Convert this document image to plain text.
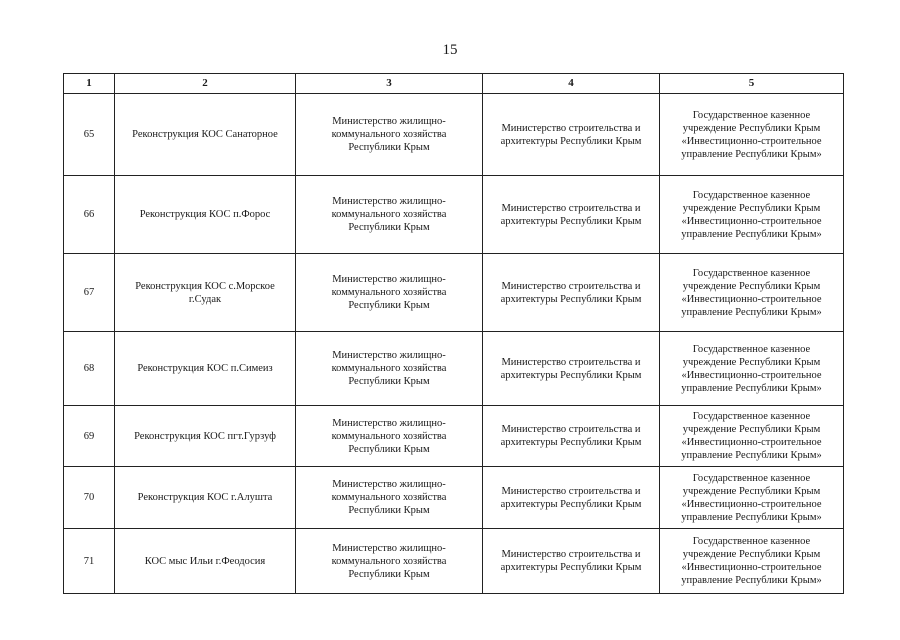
15
1	2	3	4	5
65	Реконструкция КОС Санаторное	Министерство жилищно-
коммунального хозяйства
Республики Крым	Министерство строительства и
архитектуры Республики Крым	Государственное казенное
учреждение Республики Крым
«Инвестиционно-строительное
управление Республики Крым»
66	Реконструкция КОС п.Форос	Министерство жилищно-
коммунального хозяйства
Республики Крым	Министерство строительства и
архитектуры Республики Крым	Государственное казенное
учреждение Республики Крым
«Инвестиционно-строительное
управление Республики Крым»
67	Реконструкция КОС с.Морское
г.Судак	Министерство жилищно-
коммунального хозяйства
Республики Крым	Министерство строительства и
архитектуры Республики Крым	Государственное казенное
учреждение Республики Крым
«Инвестиционно-строительное
управление Республики Крым»
68	Реконструкция КОС п.Симеиз	Министерство жилищно-
коммунального хозяйства
Республики Крым	Министерство строительства и
архитектуры Республики Крым	Государственное казенное
учреждение Республики Крым
«Инвестиционно-строительное
управление Республики Крым»
69	Реконструкция КОС пгт.Гурзуф	Министерство жилищно-
коммунального хозяйства
Республики Крым	Министерство строительства и
архитектуры Республики Крым	Государственное казенное
учреждение Республики Крым
«Инвестиционно-строительное
управление Республики Крым»
70	Реконструкция КОС г.Алушта	Министерство жилищно-
коммунального хозяйства
Республики Крым	Министерство строительства и
архитектуры Республики Крым	Государственное казенное
учреждение Республики Крым
«Инвестиционно-строительное
управление Республики Крым»
71	КОС мыс Ильи г.Феодосия	Министерство жилищно-
коммунального хозяйства
Республики Крым	Министерство строительства и
архитектуры Республики Крым	Государственное казенное
учреждение Республики Крым
«Инвестиционно-строительное
управление Республики Крым»
